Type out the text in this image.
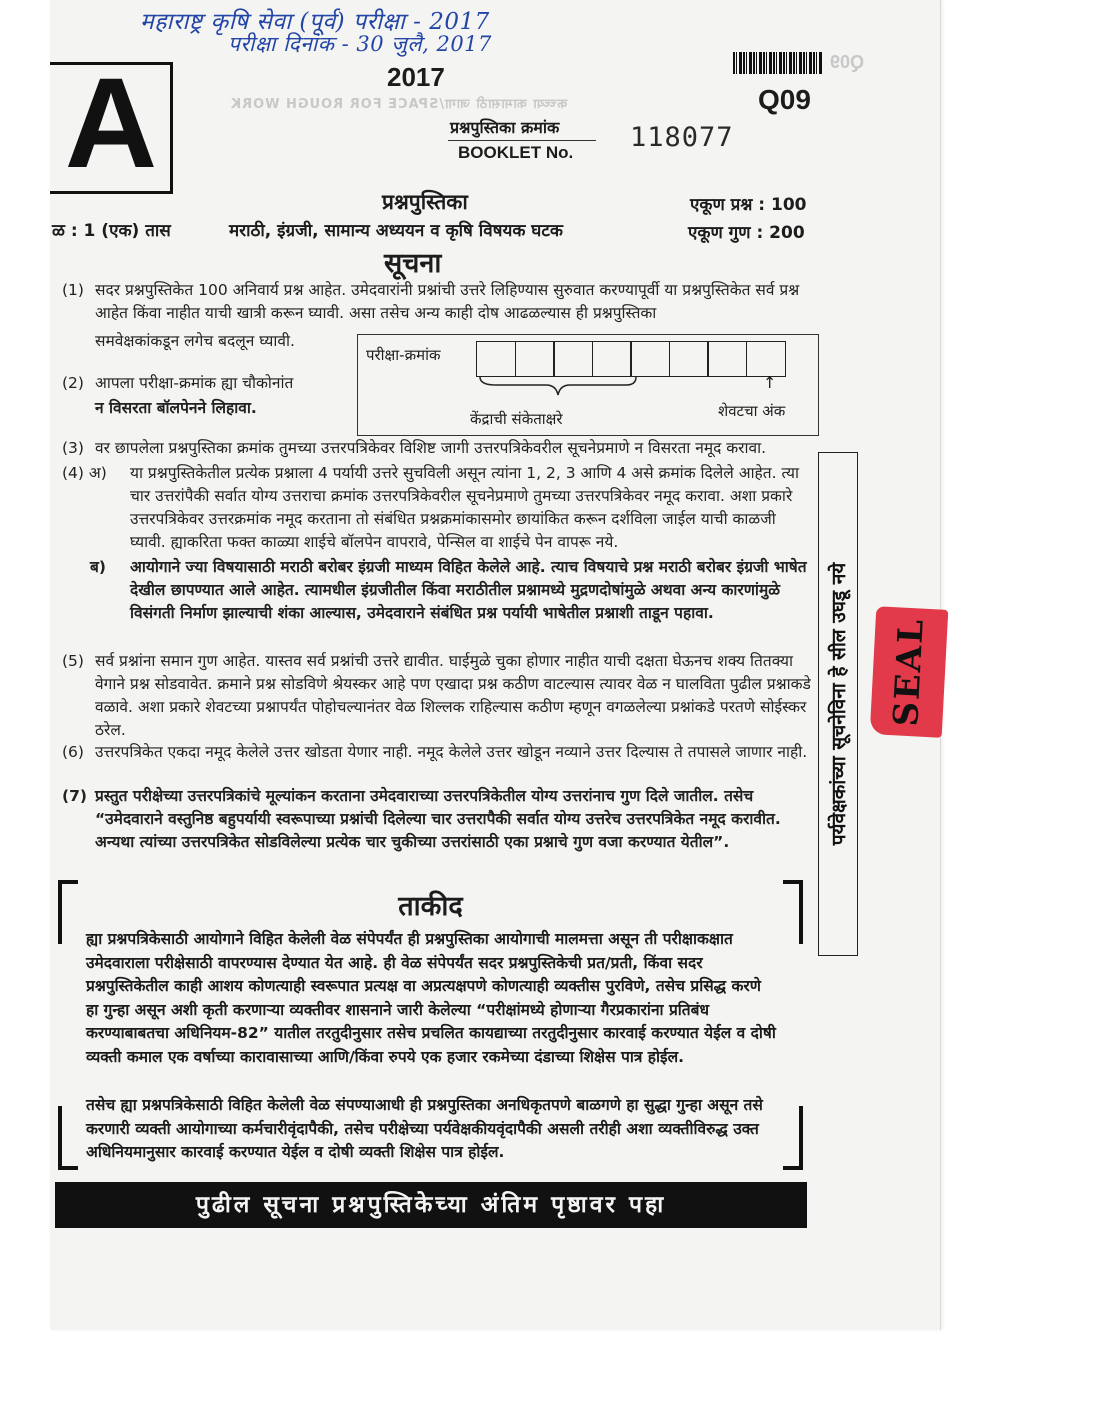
महाराष्ट्र कृषि सेवा (पूर्व) परीक्षा - 2017
परीक्षा दिनांक - 30 जुलै, 2017
A	2017	Q09
कच्च्या कामासाठी जागा/SPACE FOR ROUGH WORK	Q09
प्रश्नपुस्तिका क्रमांक
BOOKLET No. 118077
प्रश्नपुस्तिका	एकूण प्रश्न : 100
ळ : 1 (एक) तास	मराठी, इंग्रजी, सामान्य अध्ययन व कृषि विषयक घटक	एकूण गुण : 200
सूचना
(1) सदर प्रश्नपुस्तिकेत 100 अनिवार्य प्रश्न आहेत. उमेदवारांनी प्रश्नांची उत्तरे लिहिण्यास सुरुवात करण्यापूर्वी या प्रश्नपुस्तिकेत सर्व प्रश्न आहेत किंवा नाहीत याची खात्री करून घ्यावी. असा तसेच अन्य काही दोष आढळल्यास ही प्रश्नपुस्तिका
समवेक्षकांकडून लगेच बदलून घ्यावी.
(2) आपला परीक्षा-क्रमांक ह्या चौकोनांत
न विसरता बॉलपेनने लिहावा.
परीक्षा-क्रमांक
↑
केंद्राची संकेताक्षरे	शेवटचा अंक
(3) वर छापलेला प्रश्नपुस्तिका क्रमांक तुमच्या उत्तरपत्रिकेवर विशिष्ट जागी उत्तरपत्रिकेवरील सूचनेप्रमाणे न विसरता नमूद करावा.
(4) अ)	या प्रश्नपुस्तिकेतील प्रत्येक प्रश्नाला 4 पर्यायी उत्तरे सुचविली असून त्यांना 1, 2, 3 आणि 4 असे क्रमांक दिलेले आहेत. त्या चार उत्तरांपैकी सर्वात योग्य उत्तराचा क्रमांक उत्तरपत्रिकेवरील सूचनेप्रमाणे तुमच्या उत्तरपत्रिकेवर नमूद करावा. अशा प्रकारे उत्तरपत्रिकेवर उत्तरक्रमांक नमूद करताना तो संबंधित प्रश्नक्रमांकासमोर छायांकित करून दर्शविला जाईल याची काळजी घ्यावी. ह्याकरिता फक्त काळ्या शाईचे बॉलपेन वापरावे, पेन्सिल वा शाईचे पेन वापरू नये.
ब)	आयोगाने ज्या विषयासाठी मराठी बरोबर इंग्रजी माध्यम विहित केलेले आहे. त्याच विषयाचे प्रश्न मराठी बरोबर इंग्रजी भाषेत देखील छापण्यात आले आहेत. त्यामधील इंग्रजीतील किंवा मराठीतील प्रश्नामध्ये मुद्रणदोषांमुळे अथवा अन्य कारणांमुळे विसंगती निर्माण झाल्याची शंका आल्यास, उमेदवाराने संबंधित प्रश्न पर्यायी भाषेतील प्रश्नाशी ताडून पहावा.
(5) सर्व प्रश्नांना समान गुण आहेत. यास्तव सर्व प्रश्नांची उत्तरे द्यावीत. घाईमुळे चुका होणार नाहीत याची दक्षता घेऊनच शक्य तितक्या वेगाने प्रश्न सोडवावेत. क्रमाने प्रश्न सोडविणे श्रेयस्कर आहे पण एखादा प्रश्न कठीण वाटल्यास त्यावर वेळ न घालविता पुढील प्रश्नाकडे वळावे. अशा प्रकारे शेवटच्या प्रश्नापर्यंत पोहोचल्यानंतर वेळ शिल्लक राहिल्यास कठीण म्हणून वगळलेल्या प्रश्नांकडे परतणे सोईस्कर ठरेल.
(6) उत्तरपत्रिकेत एकदा नमूद केलेले उत्तर खोडता येणार नाही. नमूद केलेले उत्तर खोडून नव्याने उत्तर दिल्यास ते तपासले जाणार नाही.
(7) प्रस्तुत परीक्षेच्या उत्तरपत्रिकांचे मूल्यांकन करताना उमेदवाराच्या उत्तरपत्रिकेतील योग्य उत्तरांनाच गुण दिले जातील. तसेच “उमेदवाराने वस्तुनिष्ठ बहुपर्यायी स्वरूपाच्या प्रश्नांची दिलेल्या चार उत्तरापैकी सर्वात योग्य उत्तरेच उत्तरपत्रिकेत नमूद करावीत. अन्यथा त्यांच्या उत्तरपत्रिकेत सोडविलेल्या प्रत्येक चार चुकीच्या उत्तरांसाठी एका प्रश्नाचे गुण वजा करण्यात येतील”.	पर्यवेक्षकांच्या सूचनेविना हे सील उघडू नये SEAL
ताकीद
ह्या प्रश्नपत्रिकेसाठी आयोगाने विहित केलेली वेळ संपेपर्यंत ही प्रश्नपुस्तिका आयोगाची मालमत्ता असून ती परीक्षाकक्षात उमेदवाराला परीक्षेसाठी वापरण्यास देण्यात येत आहे. ही वेळ संपेपर्यंत सदर प्रश्नपुस्तिकेची प्रत/प्रती, किंवा सदर प्रश्नपुस्तिकेतील काही आशय कोणत्याही स्वरूपात प्रत्यक्ष वा अप्रत्यक्षपणे कोणत्याही व्यक्तीस पुरविणे, तसेच प्रसिद्ध करणे हा गुन्हा असून अशी कृती करणाऱ्या व्यक्तीवर शासनाने जारी केलेल्या “परीक्षांमध्ये होणाऱ्या गैरप्रकारांना प्रतिबंध करण्याबाबतचा अधिनियम-82” यातील तरतुदीनुसार तसेच प्रचलित कायद्याच्या तरतुदीनुसार कारवाई करण्यात येईल व दोषी व्यक्ती कमाल एक वर्षाच्या कारावासाच्या आणि/किंवा रुपये एक हजार रकमेच्या दंडाच्या शिक्षेस पात्र होईल.
तसेच ह्या प्रश्नपत्रिकेसाठी विहित केलेली वेळ संपण्याआधी ही प्रश्नपुस्तिका अनधिकृतपणे बाळगणे हा सुद्धा गुन्हा असून तसे करणारी व्यक्ती आयोगाच्या कर्मचारीवृंदापैकी, तसेच परीक्षेच्या पर्यवेक्षकीयवृंदापैकी असली तरीही अशा व्यक्तीविरुद्ध उक्त अधिनियमानुसार कारवाई करण्यात येईल व दोषी व्यक्ती शिक्षेस पात्र होईल.
पुढील सूचना प्रश्नपुस्तिकेच्या अंतिम पृष्ठावर पहा
